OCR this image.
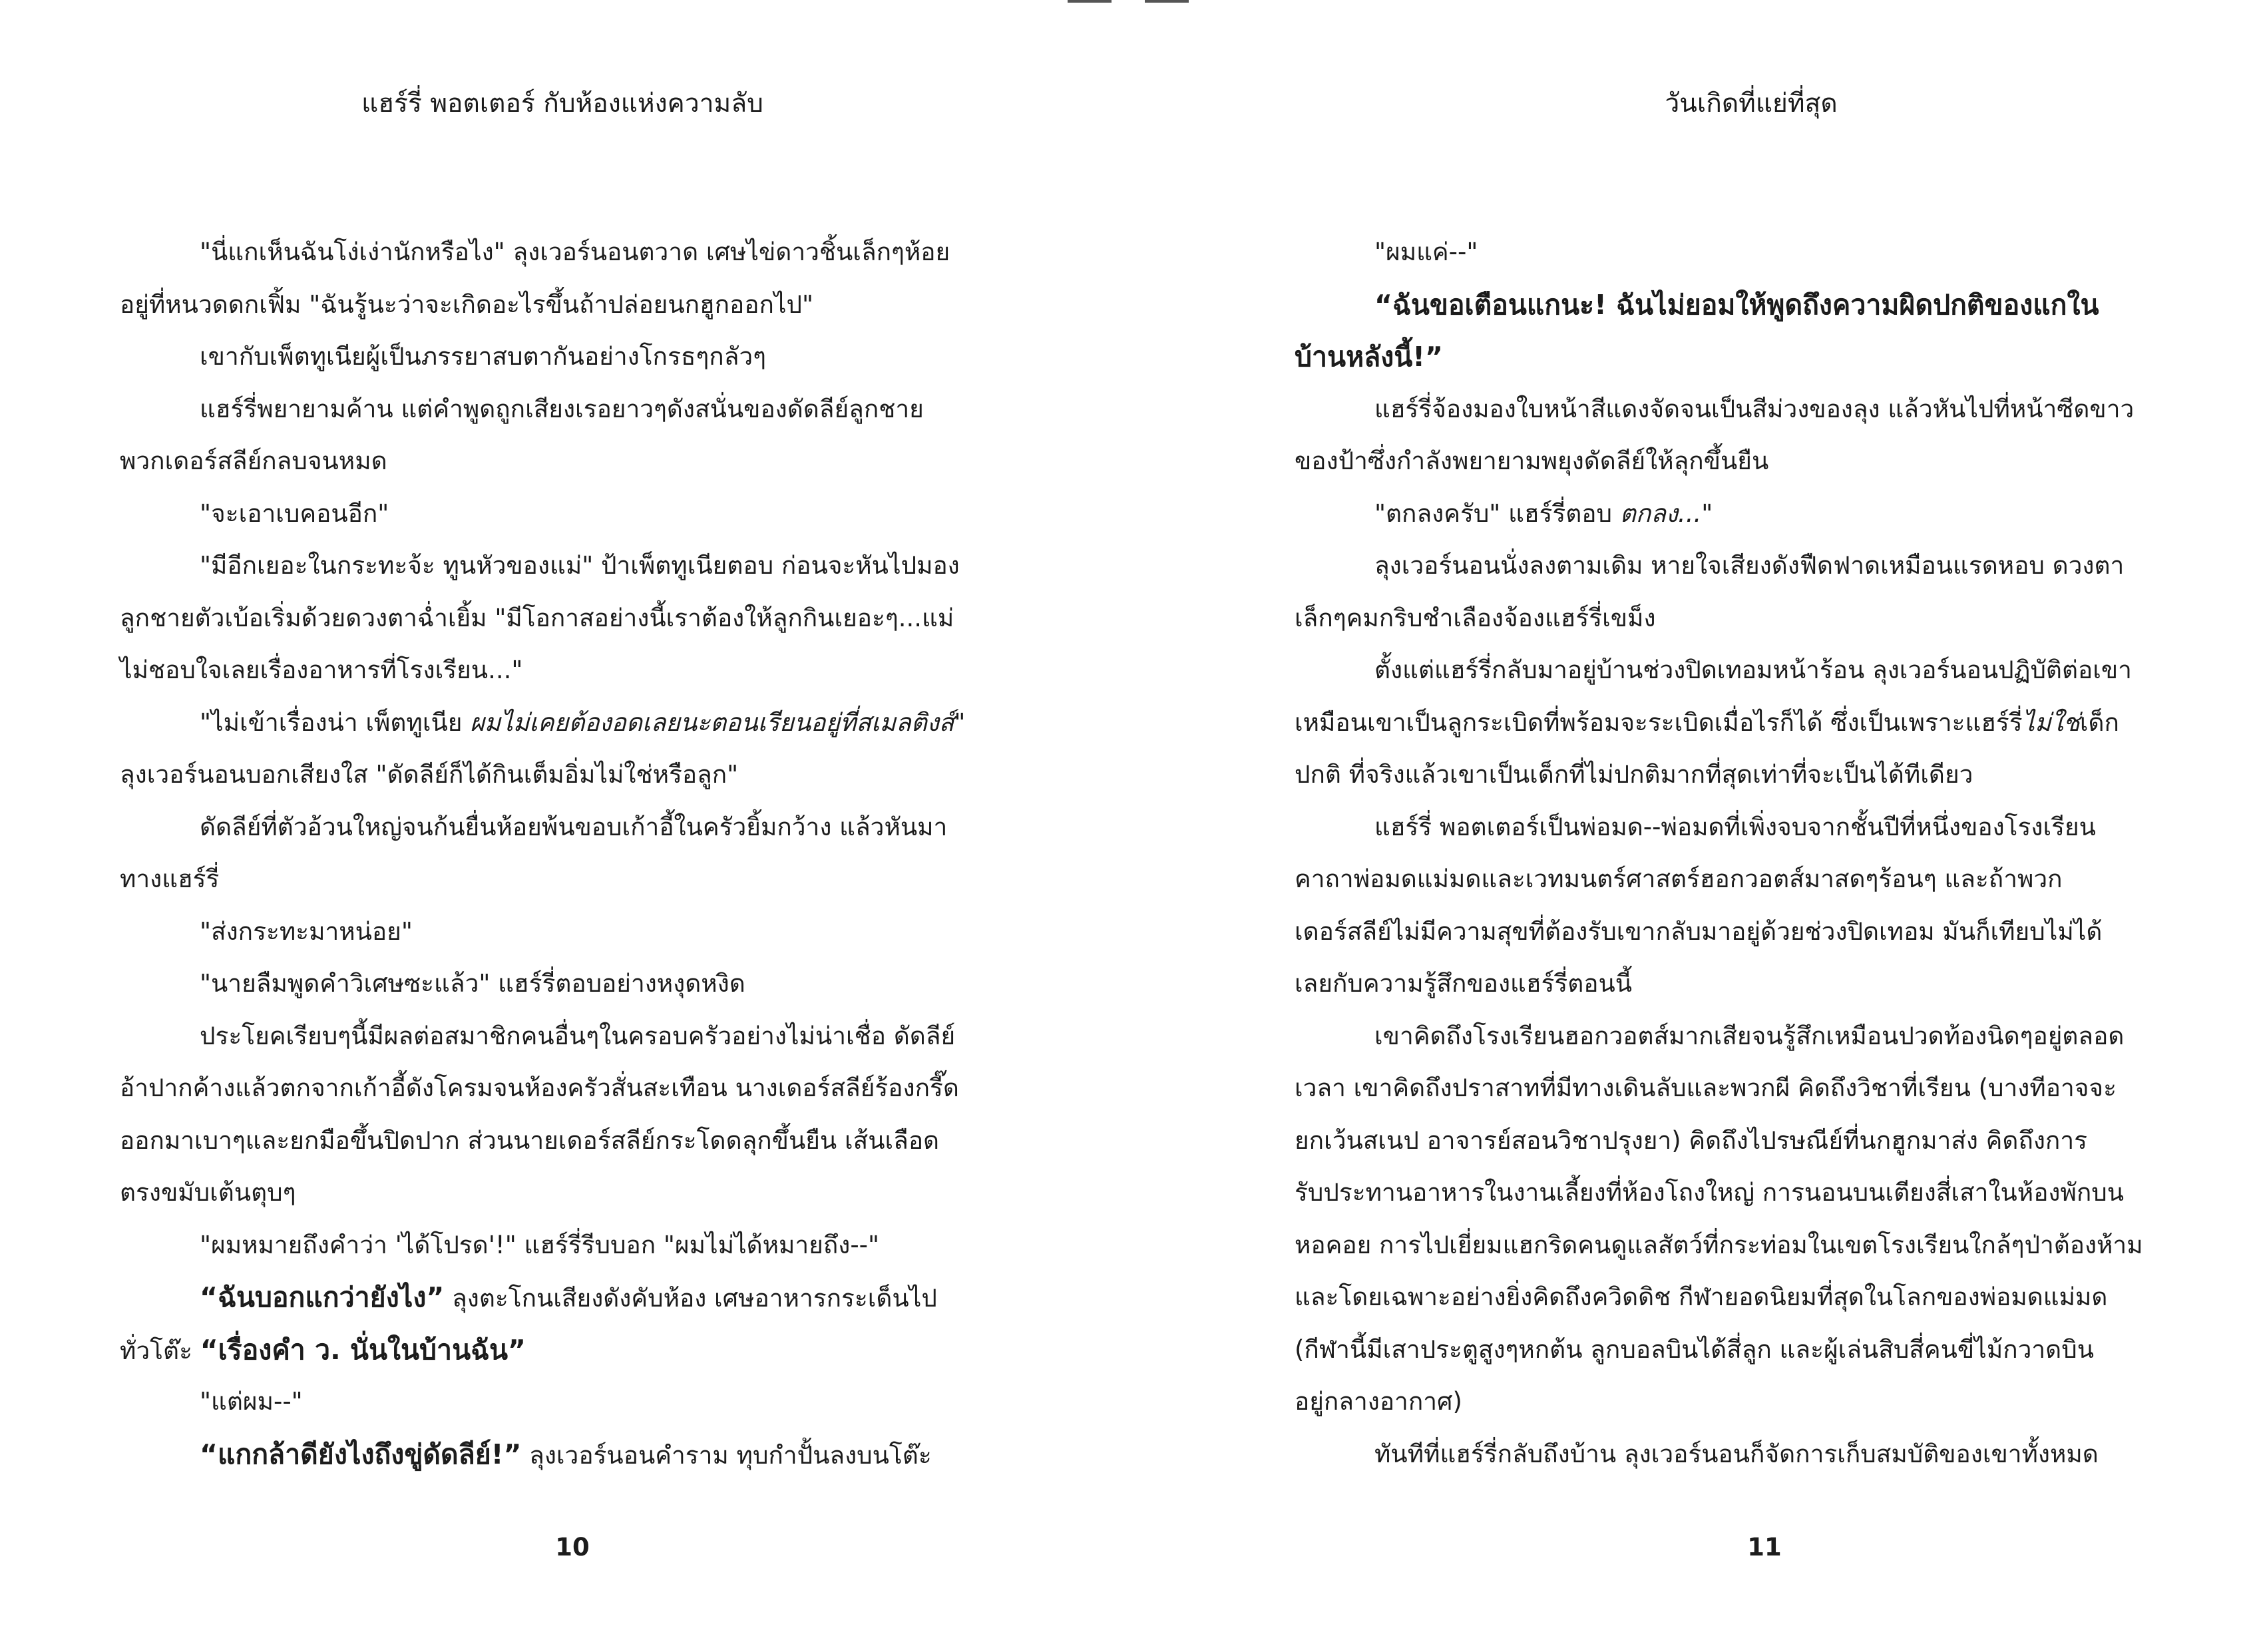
แฮร์รี่ พอตเตอร์ กับห้องแห่งความลับ
"นี่แกเห็นฉันโง่เง่านักหรือไง" ลุงเวอร์นอนตวาด เศษไข่ดาวชิ้นเล็กๆห้อย
อยู่ที่หนวดดกเฟิ้ม "ฉันรู้นะว่าจะเกิดอะไรขึ้นถ้าปล่อยนกฮูกออกไป"
เขากับเพ็ตทูเนียผู้เป็นภรรยาสบตากันอย่างโกรธๆกลัวๆ
แฮร์รี่พยายามค้าน แต่คำพูดถูกเสียงเรอยาวๆดังสนั่นของดัดลีย์ลูกชาย
พวกเดอร์สลีย์กลบจนหมด
"จะเอาเบคอนอีก"
"มีอีกเยอะในกระทะจ้ะ ทูนหัวของแม่" ป้าเพ็ตทูเนียตอบ ก่อนจะหันไปมอง
ลูกชายตัวเบ้อเริ่มด้วยดวงตาฉ่ำเยิ้ม "มีโอกาสอย่างนี้เราต้องให้ลูกกินเยอะๆ...แม่
ไม่ชอบใจเลยเรื่องอาหารที่โรงเรียน..."
"ไม่เข้าเรื่องน่า เพ็ตทูเนีย ผมไม่เคยต้องอดเลยนะตอนเรียนอยู่ที่สเมลติงส์"
ลุงเวอร์นอนบอกเสียงใส "ดัดลีย์ก็ได้กินเต็มอิ่มไม่ใช่หรือลูก"
ดัดลีย์ที่ตัวอ้วนใหญ่จนก้นยื่นห้อยพ้นขอบเก้าอี้ในครัวยิ้มกว้าง แล้วหันมา
ทางแฮร์รี่
"ส่งกระทะมาหน่อย"
"นายลืมพูดคำวิเศษซะแล้ว" แฮร์รี่ตอบอย่างหงุดหงิด
ประโยคเรียบๆนี้มีผลต่อสมาชิกคนอื่นๆในครอบครัวอย่างไม่น่าเชื่อ ดัดลีย์
อ้าปากค้างแล้วตกจากเก้าอี้ดังโครมจนห้องครัวสั่นสะเทือน นางเดอร์สลีย์ร้องกรี๊ด
ออกมาเบาๆและยกมือขึ้นปิดปาก ส่วนนายเดอร์สลีย์กระโดดลุกขึ้นยืน เส้นเลือด
ตรงขมับเต้นตุบๆ
"ผมหมายถึงคำว่า 'ได้โปรด'!" แฮร์รี่รีบบอก "ผมไม่ได้หมายถึง--"
“ฉันบอกแกว่ายังไง” ลุงตะโกนเสียงดังคับห้อง เศษอาหารกระเด็นไป
ทั่วโต๊ะ “เรื่องคำ ว. นั่นในบ้านฉัน”
"แต่ผม--"
“แกกล้าดียังไงถึงขู่ดัดลีย์!” ลุงเวอร์นอนคำราม ทุบกำปั้นลงบนโต๊ะ
10
วันเกิดที่แย่ที่สุด
"ผมแค่--"
“ฉันขอเตือนแกนะ! ฉันไม่ยอมให้พูดถึงความผิดปกติของแกใน
บ้านหลังนี้!”
แฮร์รี่จ้องมองใบหน้าสีแดงจัดจนเป็นสีม่วงของลุง แล้วหันไปที่หน้าซีดขาว
ของป้าซึ่งกำลังพยายามพยุงดัดลีย์ให้ลุกขึ้นยืน
"ตกลงครับ" แฮร์รี่ตอบ ตกลง..."
ลุงเวอร์นอนนั่งลงตามเดิม หายใจเสียงดังฟืดฟาดเหมือนแรดหอบ ดวงตา
เล็กๆคมกริบชำเลืองจ้องแฮร์รี่เขม็ง
ตั้งแต่แฮร์รี่กลับมาอยู่บ้านช่วงปิดเทอมหน้าร้อน ลุงเวอร์นอนปฏิบัติต่อเขา
เหมือนเขาเป็นลูกระเบิดที่พร้อมจะระเบิดเมื่อไรก็ได้ ซึ่งเป็นเพราะแฮร์รี่ไม่ใช่เด็ก
ปกติ ที่จริงแล้วเขาเป็นเด็กที่ไม่ปกติมากที่สุดเท่าที่จะเป็นได้ทีเดียว
แฮร์รี่ พอตเตอร์เป็นพ่อมด--พ่อมดที่เพิ่งจบจากชั้นปีที่หนึ่งของโรงเรียน
คาถาพ่อมดแม่มดและเวทมนตร์ศาสตร์ฮอกวอตส์มาสดๆร้อนๆ และถ้าพวก
เดอร์สลีย์ไม่มีความสุขที่ต้องรับเขากลับมาอยู่ด้วยช่วงปิดเทอม มันก็เทียบไม่ได้
เลยกับความรู้สึกของแฮร์รี่ตอนนี้
เขาคิดถึงโรงเรียนฮอกวอตส์มากเสียจนรู้สึกเหมือนปวดท้องนิดๆอยู่ตลอด
เวลา เขาคิดถึงปราสาทที่มีทางเดินลับและพวกผี คิดถึงวิชาที่เรียน (บางทีอาจจะ
ยกเว้นสเนป อาจารย์สอนวิชาปรุงยา) คิดถึงไปรษณีย์ที่นกฮูกมาส่ง คิดถึงการ
รับประทานอาหารในงานเลี้ยงที่ห้องโถงใหญ่ การนอนบนเตียงสี่เสาในห้องพักบน
หอคอย การไปเยี่ยมแฮกริดคนดูแลสัตว์ที่กระท่อมในเขตโรงเรียนใกล้ๆป่าต้องห้าม
และโดยเฉพาะอย่างยิ่งคิดถึงควิดดิช กีฬายอดนิยมที่สุดในโลกของพ่อมดแม่มด
(กีฬานี้มีเสาประตูสูงๆหกต้น ลูกบอลบินได้สี่ลูก และผู้เล่นสิบสี่คนขี่ไม้กวาดบิน
อยู่กลางอากาศ)
ทันทีที่แฮร์รี่กลับถึงบ้าน ลุงเวอร์นอนก็จัดการเก็บสมบัติของเขาทั้งหมด
11
